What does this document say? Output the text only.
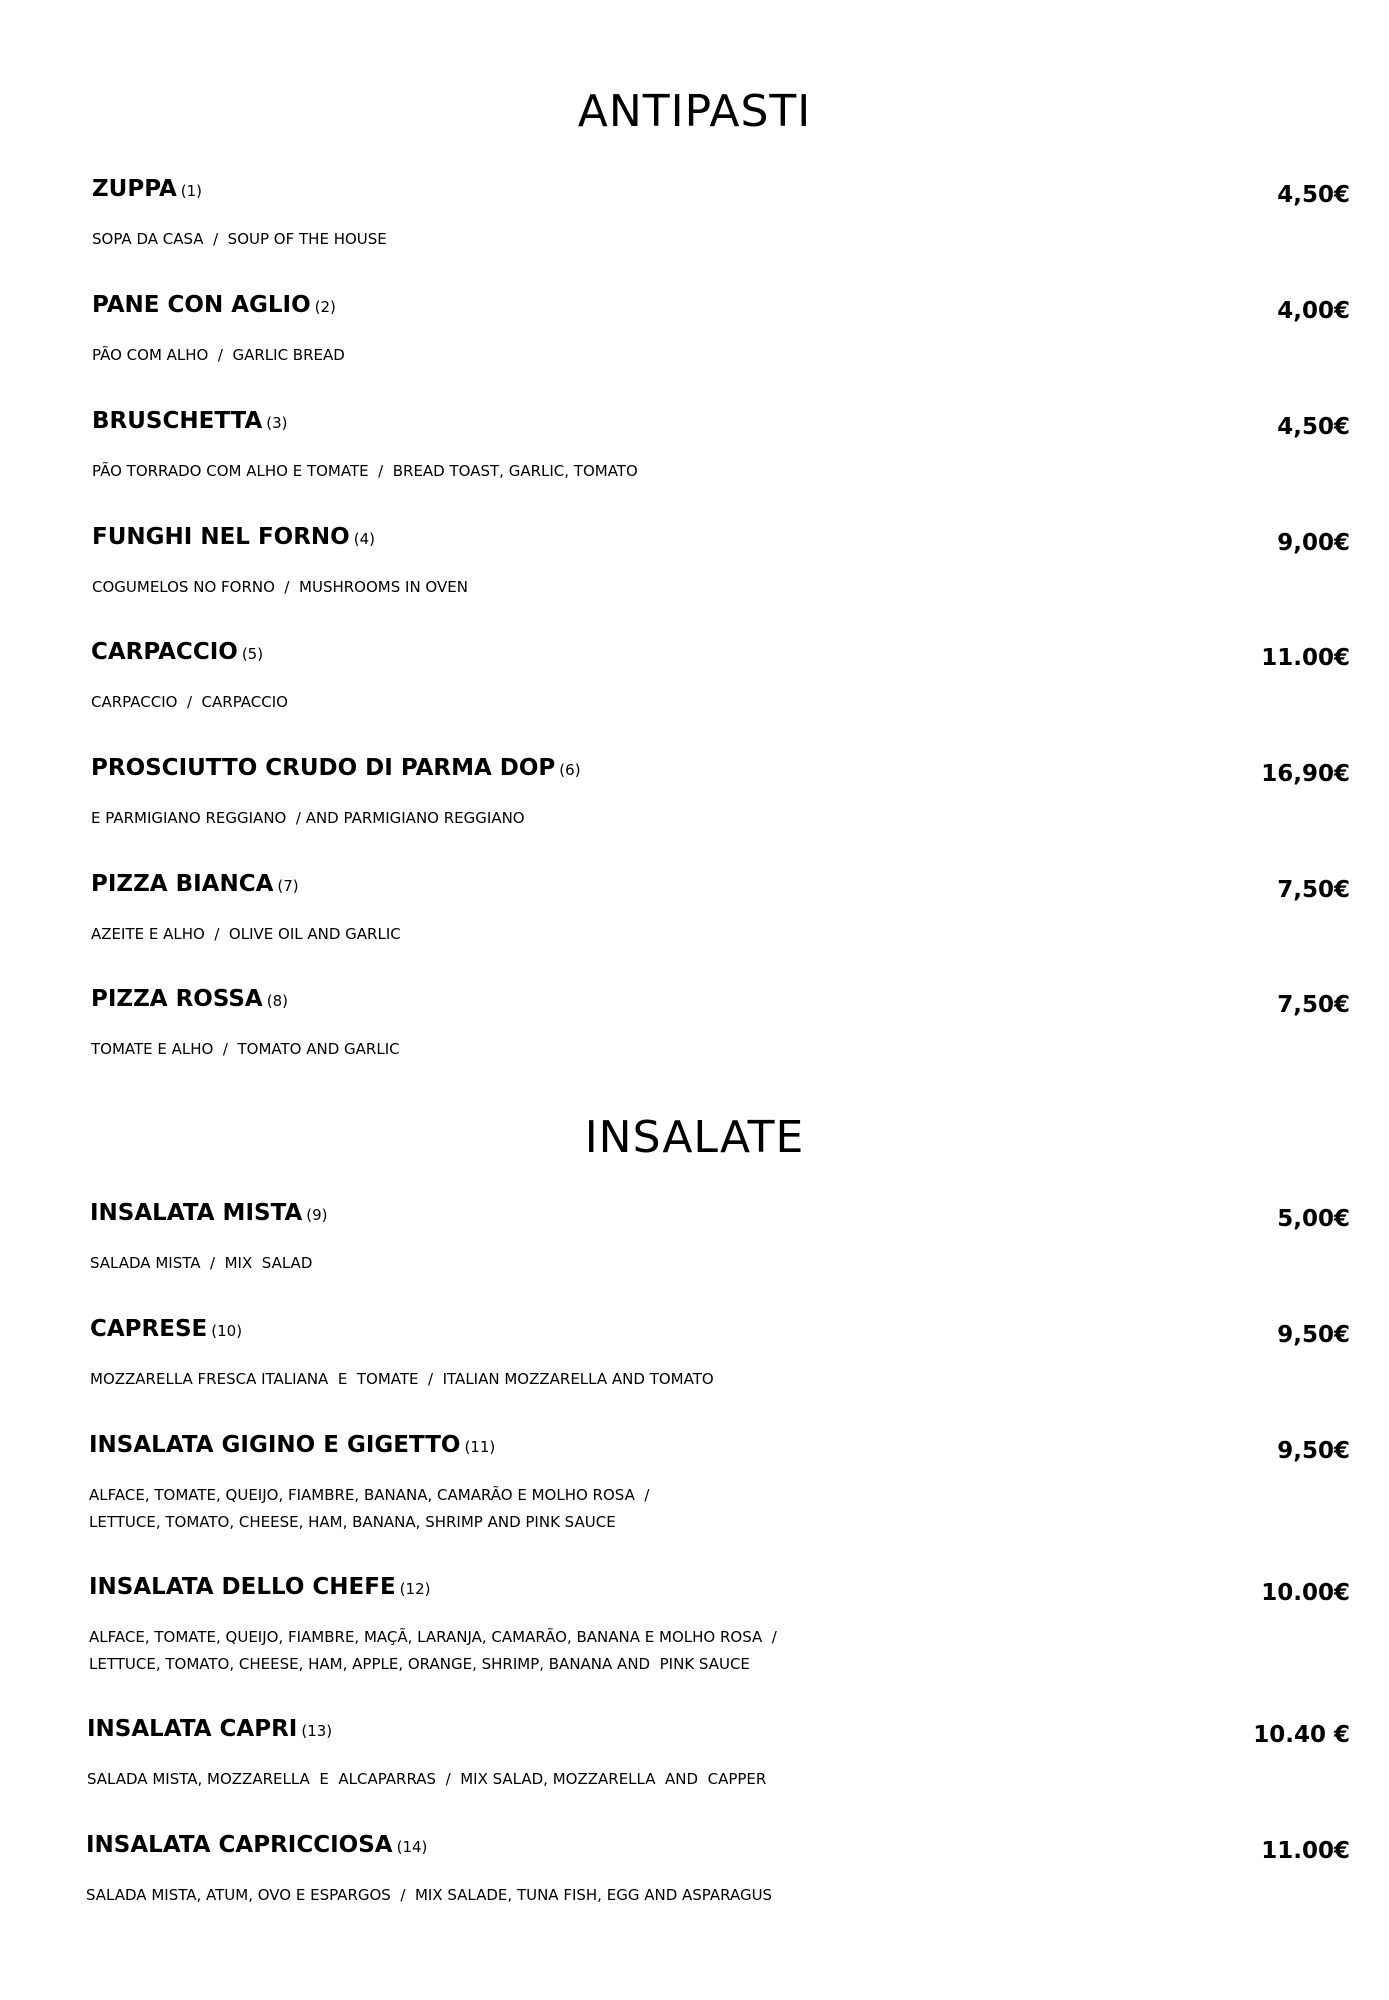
ANTIPASTI
ZUPPA (1)	4,50€
SOPA DA CASA  /  SOUP OF THE HOUSE
PANE CON AGLIO (2)	4,00€
PÃO COM ALHO  /  GARLIC BREAD
BRUSCHETTA (3)	4,50€
PÃO TORRADO COM ALHO E TOMATE  /  BREAD TOAST, GARLIC, TOMATO
FUNGHI NEL FORNO (4)	9,00€
COGUMELOS NO FORNO  /  MUSHROOMS IN OVEN
CARPACCIO (5)	11.00€
CARPACCIO  /  CARPACCIO
PROSCIUTTO CRUDO DI PARMA DOP (6)	16,90€
E PARMIGIANO REGGIANO  / AND PARMIGIANO REGGIANO
PIZZA BIANCA (7)	7,50€
AZEITE E ALHO  /  OLIVE OIL AND GARLIC
PIZZA ROSSA (8)	7,50€
TOMATE E ALHO  /  TOMATO AND GARLIC
INSALATE
INSALATA MISTA (9)	5,00€
SALADA MISTA  /  MIX  SALAD
CAPRESE (10)	9,50€
MOZZARELLA FRESCA ITALIANA  E  TOMATE  /  ITALIAN MOZZARELLA AND TOMATO
INSALATA GIGINO E GIGETTO (11)	9,50€
ALFACE, TOMATE, QUEIJO, FIAMBRE, BANANA, CAMARÃO E MOLHO ROSA  /
LETTUCE, TOMATO, CHEESE, HAM, BANANA, SHRIMP AND PINK SAUCE
INSALATA DELLO CHEFE (12)	10.00€
ALFACE, TOMATE, QUEIJO, FIAMBRE, MAÇÃ, LARANJA, CAMARÃO, BANANA E MOLHO ROSA  /
LETTUCE, TOMATO, CHEESE, HAM, APPLE, ORANGE, SHRIMP, BANANA AND  PINK SAUCE
INSALATA CAPRI (13)	10.40 €
SALADA MISTA, MOZZARELLA  E  ALCAPARRAS  /  MIX SALAD, MOZZARELLA  AND  CAPPER
INSALATA CAPRICCIOSA (14)	11.00€
SALADA MISTA, ATUM, OVO E ESPARGOS  /  MIX SALADE, TUNA FISH, EGG AND ASPARAGUS
